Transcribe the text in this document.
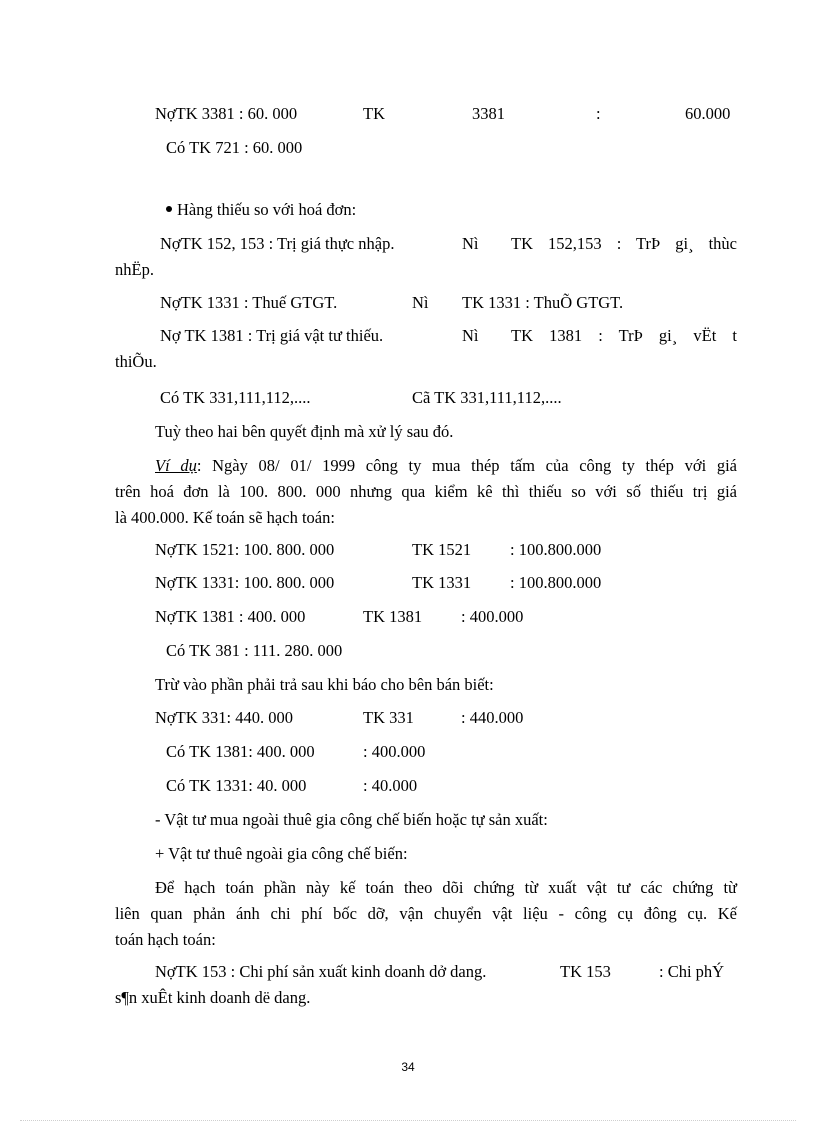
NợTK 3381 : 60. 000	TK	3381	:	60.000
Có TK 721 : 60. 000
Hàng thiếu so với hoá đơn:
NợTK 152, 153 : Trị giá thực nhập.	Nì TK 152,153 : TrÞ gi¸ thùc
nhËp.
NợTK 1331 : Thuế GTGT.	Nì TK 1331 : ThuÕ GTGT.
Nợ TK 1381 : Trị giá vật tư thiếu.	Nì TK 1381 : TrÞ gi¸ vËt t
thiÕu.
Có TK 331,111,112,....	Cã TK 331,111,112,....
Tuỳ theo hai bên quyết định mà xử lý sau đó.
Ví dụ: Ngày 08/ 01/ 1999 công ty mua thép tấm của công ty thép với giá
trên hoá đơn là 100. 800. 000 nhưng qua kiểm kê thì thiếu so với số thiếu trị giá
là 400.000. Kế toán sẽ hạch toán:
NợTK 1521: 100. 800. 000	TK 1521 : 100.800.000
NợTK 1331: 100. 800. 000	TK 1331 : 100.800.000
NợTK 1381 : 400. 000	TK 1381 : 400.000
Có TK 381 : 111. 280. 000
Trừ vào phần phải trả sau khi báo cho bên bán biết:
NợTK 331: 440. 000	TK 331	: 440.000
Có TK 1381: 400. 000	: 400.000
Có TK 1331: 40. 000	: 40.000
- Vật tư mua ngoài thuê gia công chế biến hoặc tự sản xuất:
+ Vật tư thuê ngoài gia công chế biến:
Để hạch toán phần này kế toán theo dõi chứng từ xuất vật tư các chứng từ
liên quan phản ánh chi phí bốc dỡ, vận chuyển vật liệu - công cụ đông cụ. Kế
toán hạch toán:
NợTK 153 : Chi phí sản xuất kinh doanh dở dang.	TK 153	: Chi phÝ
s¶n xuÊt kinh doanh dë dang.
34
